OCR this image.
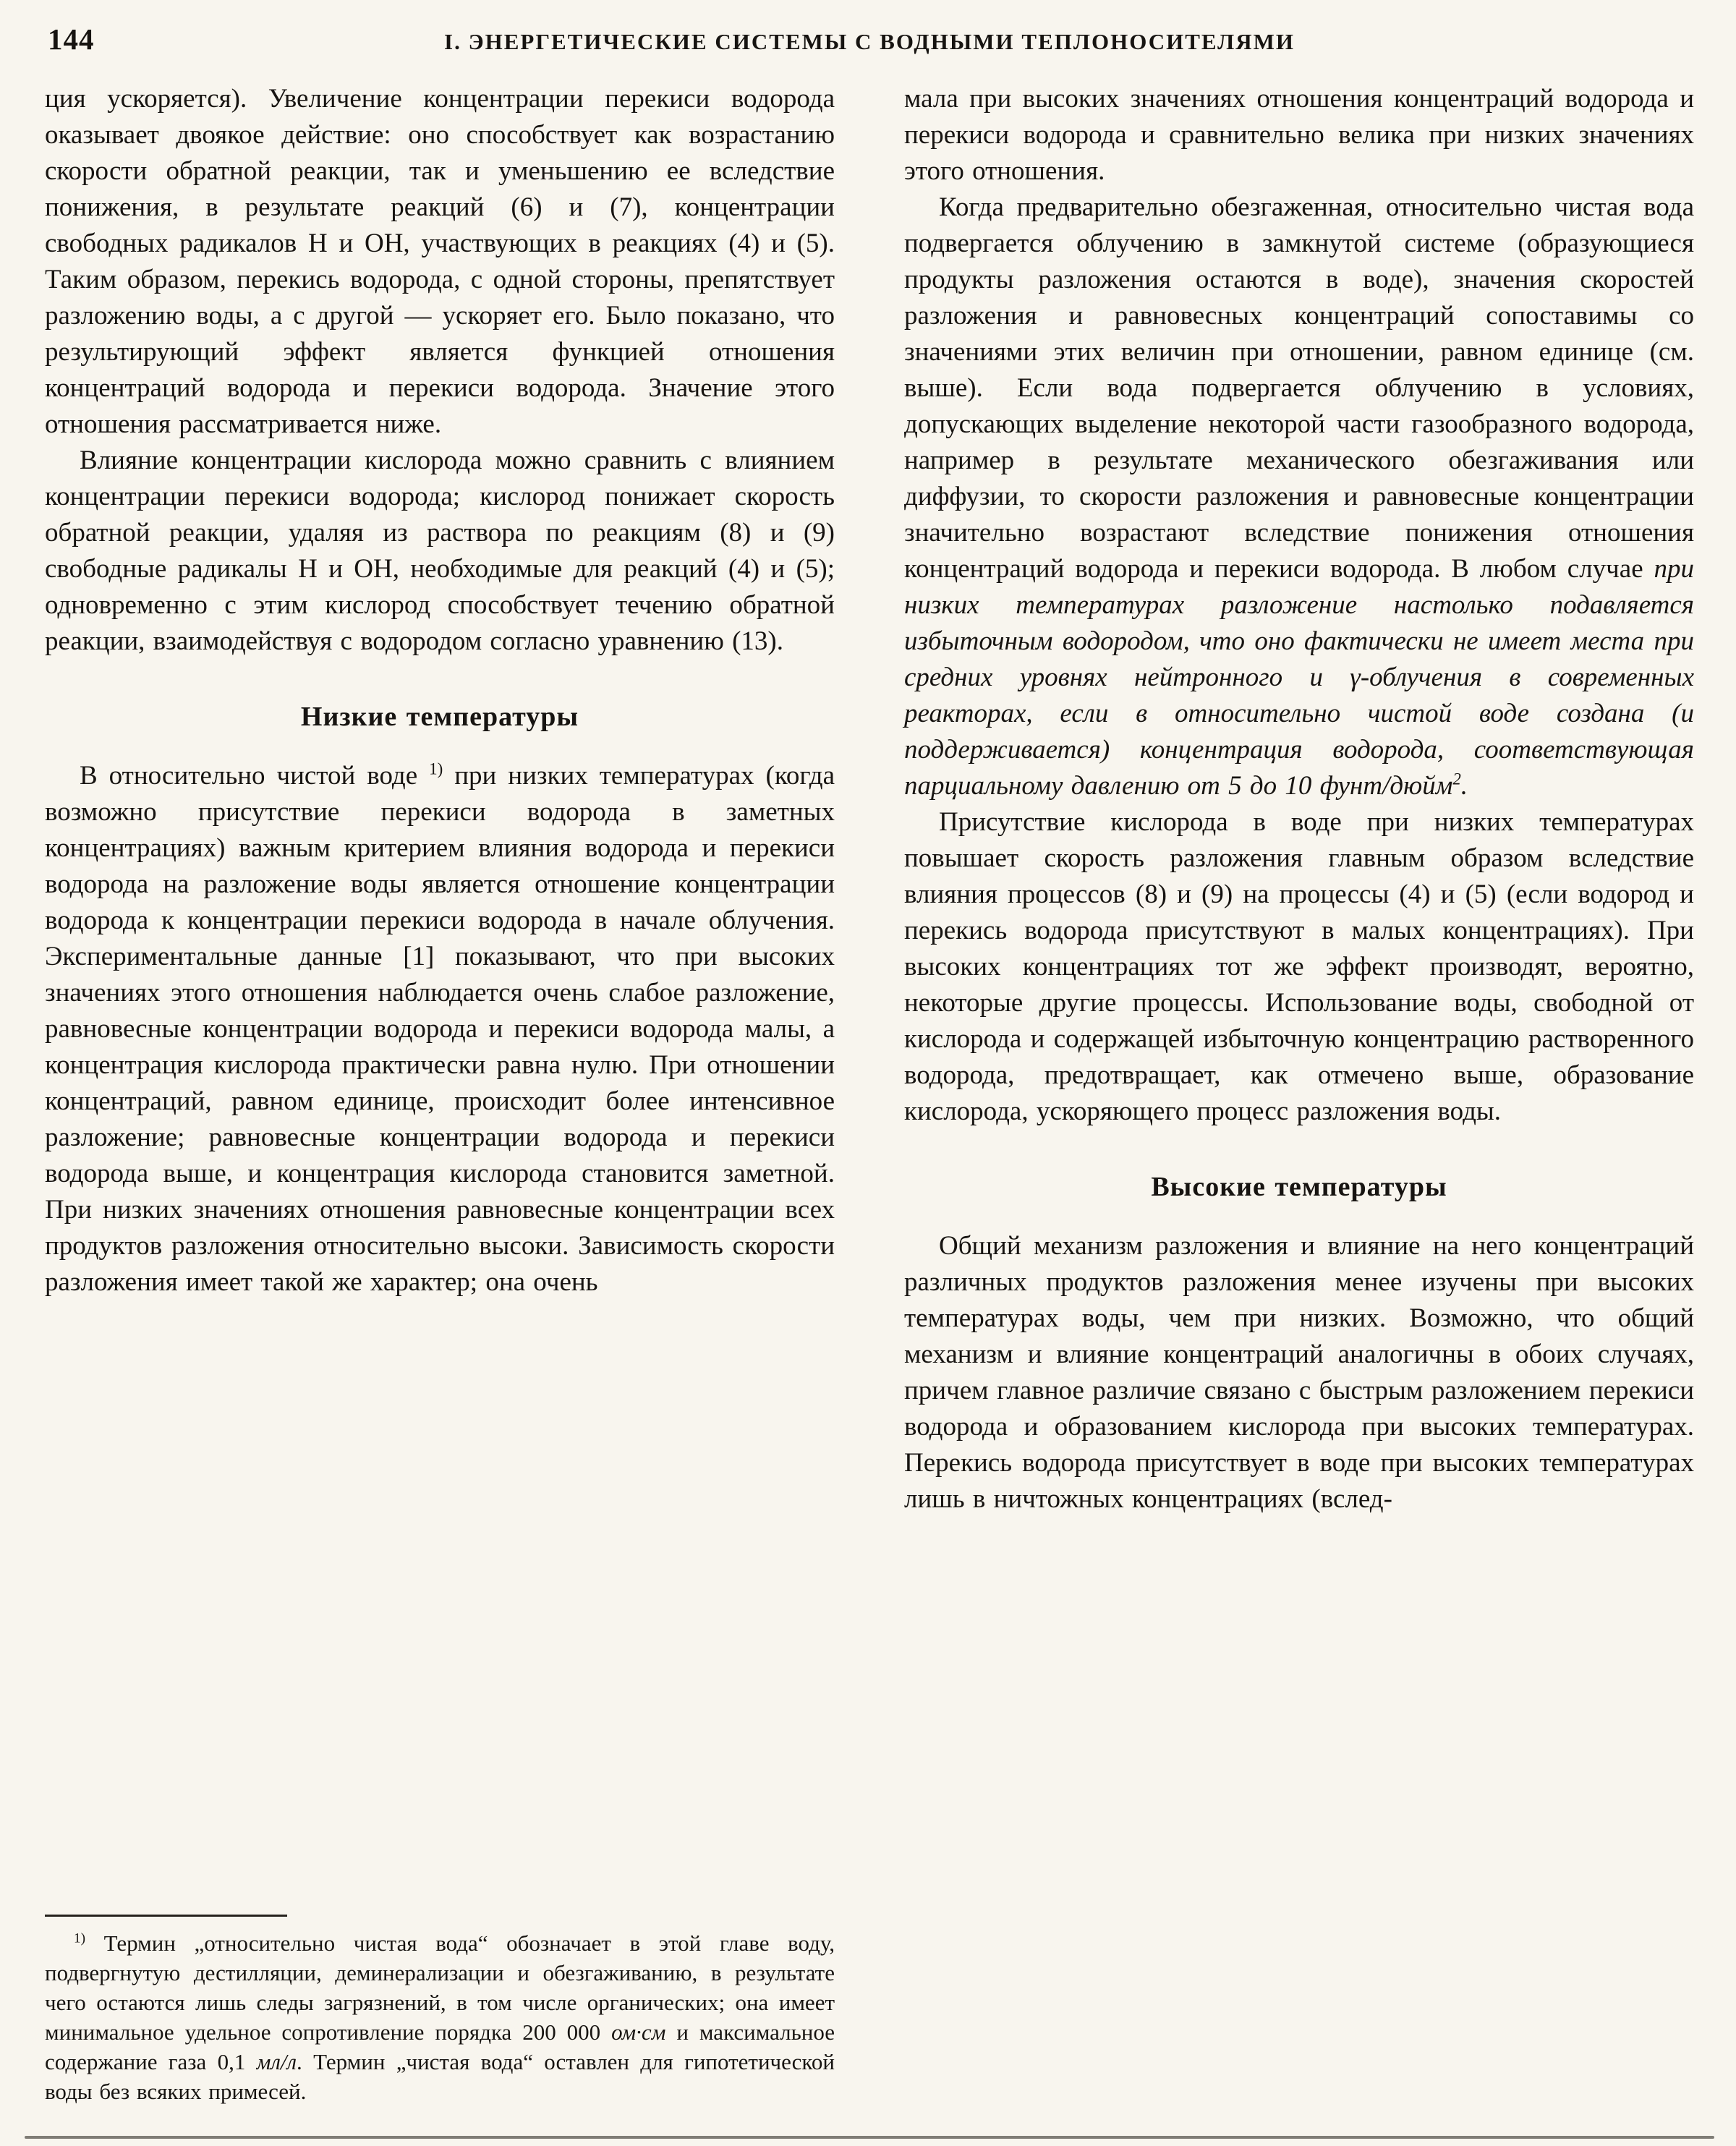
144	I. ЭНЕРГЕТИЧЕСКИЕ СИСТЕМЫ С ВОДНЫМИ ТЕПЛОНОСИТЕЛЯМИ

ция ускоряется). Увеличение концентрации перекиси водорода оказывает двоякое действие: оно способствует как возрастанию скорости обратной реакции, так и уменьшению ее вследствие понижения, в результате реакций (6) и (7), концентрации свободных радикалов Н и ОН, участвующих в реакциях (4) и (5). Таким образом, перекись водорода, с одной стороны, препятствует разложению воды, а с другой — ускоряет его. Было показано, что результирующий эффект является функцией отношения концентраций водорода и перекиси водорода. Значение этого отношения рассматривается ниже.

Влияние концентрации кислорода можно сравнить с влиянием концентрации перекиси водорода; кислород понижает скорость обратной реакции, удаляя из раствора по реакциям (8) и (9) свободные радикалы Н и ОН, необходимые для реакций (4) и (5); одновременно с этим кислород способствует течению обратной реакции, взаимодействуя с водородом согласно уравнению (13).

Низкие температуры

В относительно чистой воде $^{1)}$ при низких температурах (когда возможно присутствие перекиси водорода в заметных концентрациях) важным критерием влияния водорода и перекиси водорода на разложение воды является отношение концентрации водорода к концентрации перекиси водорода в начале облучения. Экспериментальные данные [1] показывают, что при высоких значениях этого отношения наблюдается очень слабое разложение, равновесные концентрации водорода и перекиси водорода малы, а концентрация кислорода практически равна нулю. При отношении концентраций, равном единице, происходит более интенсивное разложение; равновесные концентрации водорода и перекиси водорода выше, и концентрация кислорода становится заметной. При низких значениях отношения равновесные концентрации всех продуктов разложения относительно высоки. Зависимость скорости разложения имеет такой же характер; она очень

$^{1)}$ Термин „относительно чистая вода“ обозначает в этой главе воду, подвергнутую дестилляции, деминерализации и обезгаживанию, в результате чего остаются лишь следы загрязнений, в том числе органических; она имеет минимальное удельное сопротивление порядка 200 000 ом·см и максимальное содержание газа 0,1 мл/л. Термин „чистая вода“ оставлен для гипотетической воды без всяких примесей.

мала при высоких значениях отношения концентраций водорода и перекиси водорода и сравнительно велика при низких значениях этого отношения.

Когда предварительно обезгаженная, относительно чистая вода подвергается облучению в замкнутой системе (образующиеся продукты разложения остаются в воде), значения скоростей разложения и равновесных концентраций сопоставимы со значениями этих величин при отношении, равном единице (см. выше). Если вода подвергается облучению в условиях, допускающих выделение некоторой части газообразного водорода, например в результате механического обезгаживания или диффузии, то скорости разложения и равновесные концентрации значительно возрастают вследствие понижения отношения концентраций водорода и перекиси водорода. В любом случае при низких температурах разложение настолько подавляется избыточным водородом, что оно фактически не имеет места при средних уровнях нейтронного и γ-облучения в современных реакторах, если в относительно чистой воде создана (и поддерживается) концентрация водорода, соответствующая парциальному давлению от 5 до 10 фунт/дюйм$^2$.

Присутствие кислорода в воде при низких температурах повышает скорость разложения главным образом вследствие влияния процессов (8) и (9) на процессы (4) и (5) (если водород и перекись водорода присутствуют в малых концентрациях). При высоких концентрациях тот же эффект производят, вероятно, некоторые другие процессы. Использование воды, свободной от кислорода и содержащей избыточную концентрацию растворенного водорода, предотвращает, как отмечено выше, образование кислорода, ускоряющего процесс разложения воды.

Высокие температуры

Общий механизм разложения и влияние на него концентраций различных продуктов разложения менее изучены при высоких температурах воды, чем при низких. Возможно, что общий механизм и влияние концентраций аналогичны в обоих случаях, причем главное различие связано с быстрым разложением перекиси водорода и образованием кислорода при высоких температурах. Перекись водорода присутствует в воде при высоких температурах лишь в ничтожных концентрациях (вслед-
